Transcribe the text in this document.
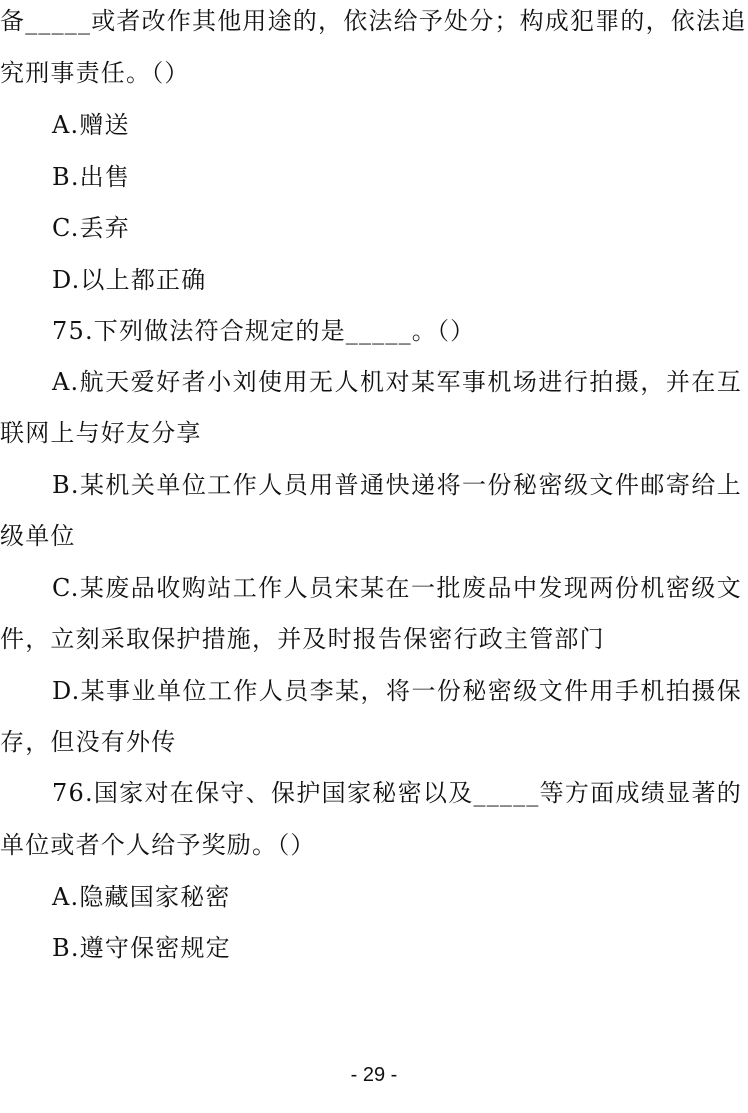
备_____或者改作其他用途的，依法给予处分；构成犯罪的，依法追
究刑事责任。（）
A.赠送
B.出售
C.丢弃
D.以上都正确
75.下列做法符合规定的是_____。（）
A.航天爱好者小刘使用无人机对某军事机场进行拍摄，并在互
联网上与好友分享
B.某机关单位工作人员用普通快递将一份秘密级文件邮寄给上
级单位
C.某废品收购站工作人员宋某在一批废品中发现两份机密级文
件，立刻采取保护措施，并及时报告保密行政主管部门
D.某事业单位工作人员李某，将一份秘密级文件用手机拍摄保
存，但没有外传
76.国家对在保守、保护国家秘密以及_____等方面成绩显著的
单位或者个人给予奖励。（）
A.隐藏国家秘密
B.遵守保密规定
- 29 -
